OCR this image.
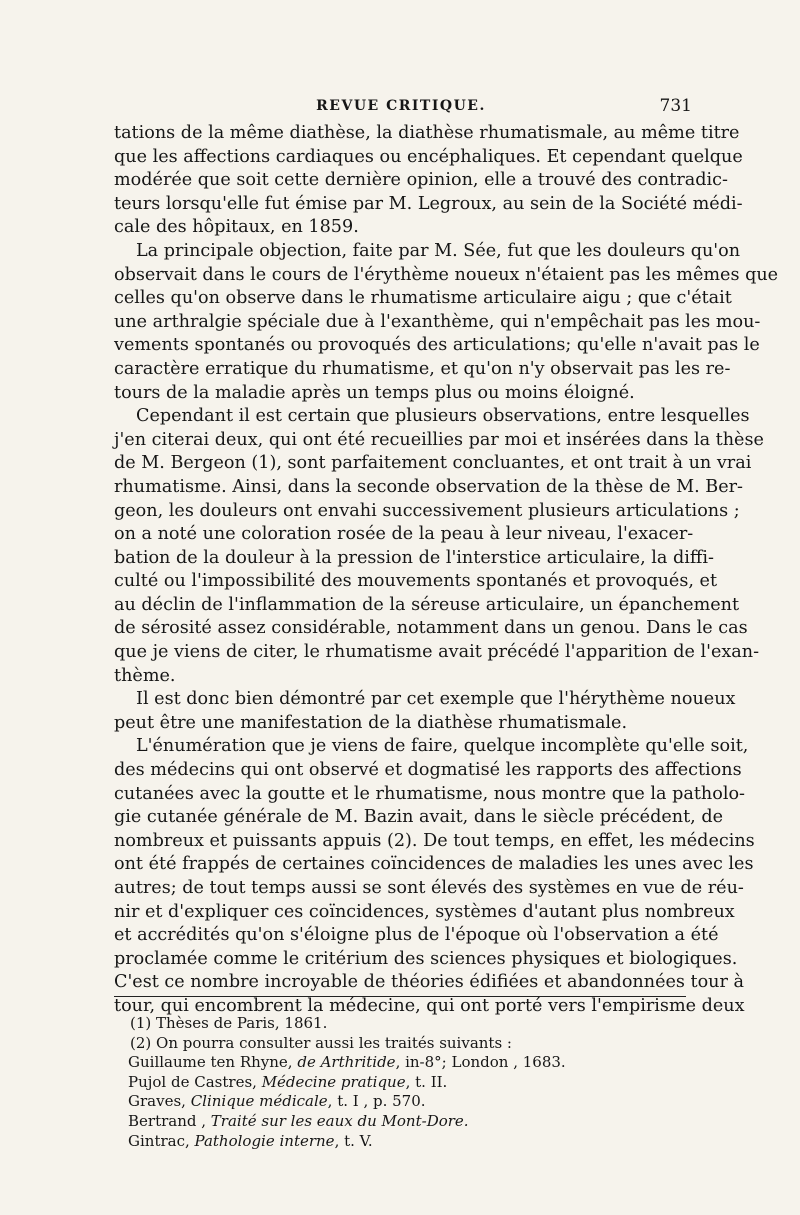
REVUE CRITIQUE.	731
tations de la même diathèse, la diathèse rhumatismale, au même titre
que les affections cardiaques ou encéphaliques. Et cependant quelque
modérée que soit cette dernière opinion, elle a trouvé des contradic-
teurs lorsqu'elle fut émise par M. Legroux, au sein de la Société médi-
cale des hôpitaux, en 1859.
La principale objection, faite par M. Sée, fut que les douleurs qu'on
observait dans le cours de l'érythème noueux n'étaient pas les mêmes que
celles qu'on observe dans le rhumatisme articulaire aigu ; que c'était
une arthralgie spéciale due à l'exanthème, qui n'empêchait pas les mou-
vements spontanés ou provoqués des articulations; qu'elle n'avait pas le
caractère erratique du rhumatisme, et qu'on n'y observait pas les re-
tours de la maladie après un temps plus ou moins éloigné.
Cependant il est certain que plusieurs observations, entre lesquelles
j'en citerai deux, qui ont été recueillies par moi et insérées dans la thèse
de M. Bergeon (1), sont parfaitement concluantes, et ont trait à un vrai
rhumatisme. Ainsi, dans la seconde observation de la thèse de M. Ber-
geon, les douleurs ont envahi successivement plusieurs articulations ;
on a noté une coloration rosée de la peau à leur niveau, l'exacer-
bation de la douleur à la pression de l'interstice articulaire, la diffi-
culté ou l'impossibilité des mouvements spontanés et provoqués, et
au déclin de l'inflammation de la séreuse articulaire, un épanchement
de sérosité assez considérable, notamment dans un genou. Dans le cas
que je viens de citer, le rhumatisme avait précédé l'apparition de l'exan-
thème.
Il est donc bien démontré par cet exemple que l'hérythème noueux
peut être une manifestation de la diathèse rhumatismale.
L'énumération que je viens de faire, quelque incomplète qu'elle soit,
des médecins qui ont observé et dogmatisé les rapports des affections
cutanées avec la goutte et le rhumatisme, nous montre que la patholo-
gie cutanée générale de M. Bazin avait, dans le siècle précédent, de
nombreux et puissants appuis (2). De tout temps, en effet, les médecins
ont été frappés de certaines coïncidences de maladies les unes avec les
autres; de tout temps aussi se sont élevés des systèmes en vue de réu-
nir et d'expliquer ces coïncidences, systèmes d'autant plus nombreux
et accrédités qu'on s'éloigne plus de l'époque où l'observation a été
proclamée comme le critérium des sciences physiques et biologiques.
C'est ce nombre incroyable de théories édifiées et abandonnées tour à
tour, qui encombrent la médecine, qui ont porté vers l'empirisme deux
(1) Thèses de Paris, 1861.
(2) On pourra consulter aussi les traités suivants :
Guillaume ten Rhyne, de Arthritide, in-8°; London , 1683.
Pujol de Castres, Médecine pratique, t. II.
Graves, Clinique médicale, t. I , p. 570.
Bertrand , Traité sur les eaux du Mont-Dore.
Gintrac, Pathologie interne, t. V.
